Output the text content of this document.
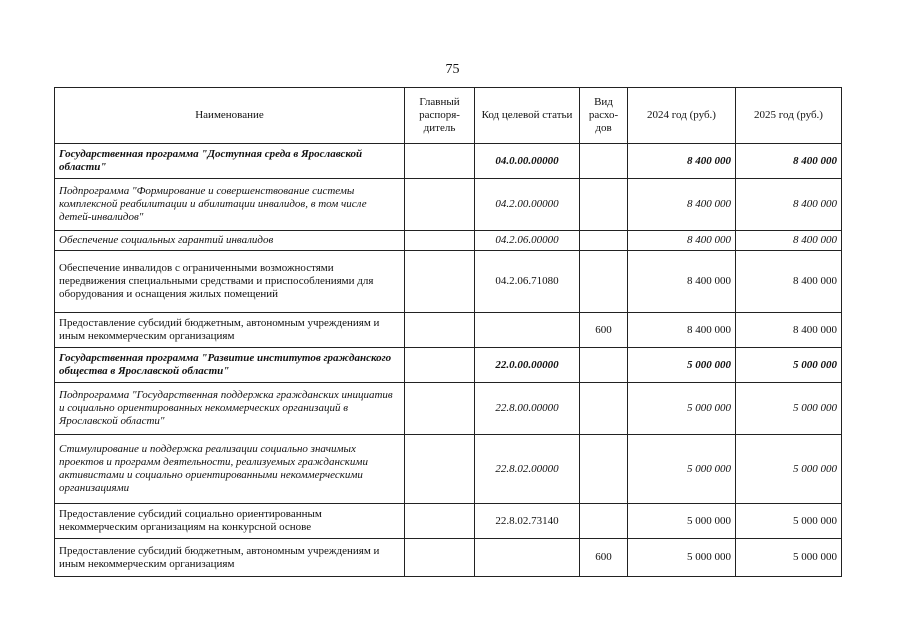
75
Наименование	Главный распоря-дитель	Код целевой статьи	Вид расхо-дов	2024 год (руб.)	2025 год (руб.)
Государственная программа "Доступная среда в Ярославской области"		04.0.00.00000		8 400 000	8 400 000
Подпрограмма "Формирование и совершенствование системы комплексной реабилитации и абилитации инвалидов, в том числе детей-инвалидов"		04.2.00.00000		8 400 000	8 400 000
Обеспечение социальных гарантий инвалидов		04.2.06.00000		8 400 000	8 400 000
Обеспечение инвалидов с ограниченными возможностями передвижения специальными средствами и приспособлениями для оборудования и оснащения жилых помещений		04.2.06.71080		8 400 000	8 400 000
Предоставление субсидий бюджетным, автономным учреждениям и иным некоммерческим организациям			600	8 400 000	8 400 000
Государственная программа "Развитие институтов гражданского общества в Ярославской области"		22.0.00.00000		5 000 000	5 000 000
Подпрограмма "Государственная поддержка гражданских инициатив и социально ориентированных некоммерческих организаций в Ярославской области"		22.8.00.00000		5 000 000	5 000 000
Стимулирование и поддержка реализации социально значимых проектов и программ деятельности, реализуемых гражданскими активистами и социально ориентированными некоммерческими организациями		22.8.02.00000		5 000 000	5 000 000
Предоставление субсидий социально ориентированным некоммерческим организациям на конкурсной основе		22.8.02.73140		5 000 000	5 000 000
Предоставление субсидий бюджетным, автономным учреждениям и иным некоммерческим организациям			600	5 000 000	5 000 000
